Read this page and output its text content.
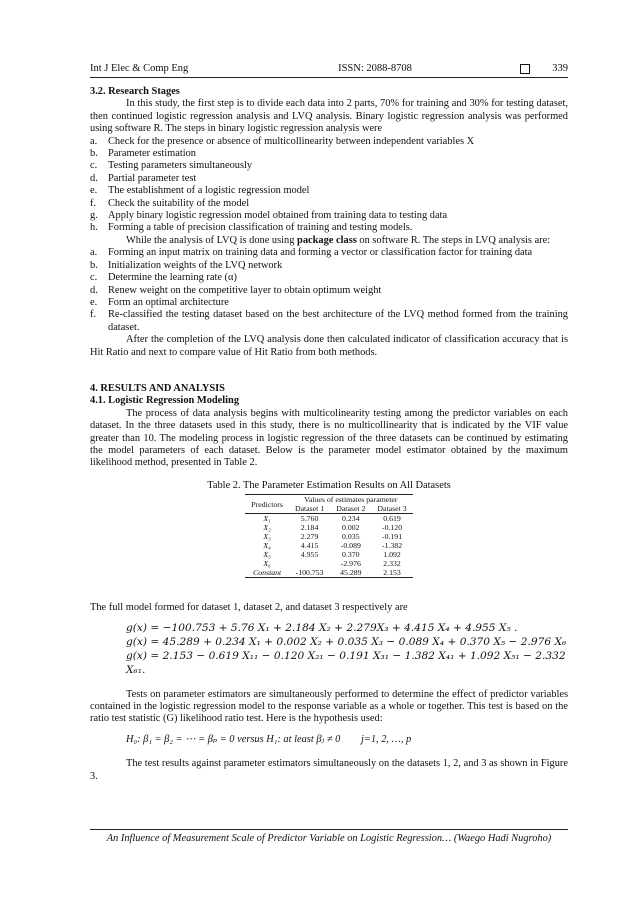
Int J Elec & Comp Eng	ISSN: 2088-8708	339
3.2. Research Stages

In this study, the first step is to divide each data into 2 parts, 70% for training and 30% for testing dataset, then continued logistic regression analysis and LVQ analysis. Binary logistic regression analysis was performed using software R. The steps in binary logistic regression analysis were

a.	Check for the presence or absence of multicollinearity between independent variables X
b. Parameter estimation
c.	Testing parameters simultaneously
d. Partial parameter test
e.	The establishment of a logistic regression model
f.	Check the suitability of the model
g. Apply binary logistic regression model obtained from training data to testing data
h. Forming a table of precision classification of training and testing models.

While the analysis of LVQ is done using package class on software R. The steps in LVQ analysis are:

a.	Forming an input matrix on training data and forming a vector or classification factor for training data
b. Initialization weights of the LVQ network
c.	Determine the learning rate (α)
d. Renew weight on the competitive layer to obtain optimum weight
e.	Form an optimal architecture
f.	Re-classified the testing dataset based on the best architecture of the LVQ method formed from the training dataset.

After the completion of the LVQ analysis done then calculated indicator of classification accuracy that is Hit Ratio and next to compare value of Hit Ratio from both methods.

4. RESULTS AND ANALYSIS
4.1. Logistic Regression Modeling

The process of data analysis begins with multicolinearity testing among the predictor variables on each dataset. In the three datasets used in this study, there is no multicollinearity that is indicated by the VIF value greater than 10. The modeling process in logistic regression of the three datasets can be continued by estimating the model parameters of each dataset. Below is the parameter model estimator obtained by the maximum likelihood method, presented in Table 2.

Table 2. The Parameter Estimation Results on All Datasets
Predictors	Values of estimates parameter		
	Dataset 1	Dataset 2	Dataset 3
X₁	5.760	0.234	0.619
X₂	2.184	0.002	-0.120
X₃	2.279	0.035	-0.191
X₄	4.415	-0.089	-1.382
X₅	4.955	0.370	1.092
X₆		-2.976	2.332
Constant	-100.753	45.289	2.153

The full model formed for dataset 1, dataset 2, and dataset 3 respectively are

g(x) = −100.753 + 5.76 X₁ + 2.184 X₂ + 2.279X₃ + 4.415 X₄ + 4.955 X₅ .
g(x) = 45.289 + 0.234 X₁ + 0.002 X₂ + 0.035 X₃ − 0.089 X₄ + 0.370 X₅ − 2.976 X₆
g(x) = 2.153 − 0.619 X₁₁ − 0.120 X₂₁ − 0.191 X₃₁ − 1.382 X₄₁ + 1.092 X₅₁ − 2.332 X₆₁.

Tests on parameter estimators are simultaneously performed to determine the effect of predictor variables contained in the logistic regression model to the response variable as a whole or together. This test is based on the ratio test statistic (G) likelihood ratio test. Here is the hypothesis used:

H₀: β₁ = β₂ = ⋯ = βₚ = 0 versus H₁: at least βⱼ ≠ 0 j=1, 2, …, p

The test results against parameter estimators simultaneously on the datasets 1, 2, and 3 as shown in Figure 3.

An Influence of Measurement Scale of Predictor Variable on Logistic Regression… (Waego Hadi Nugroho)
